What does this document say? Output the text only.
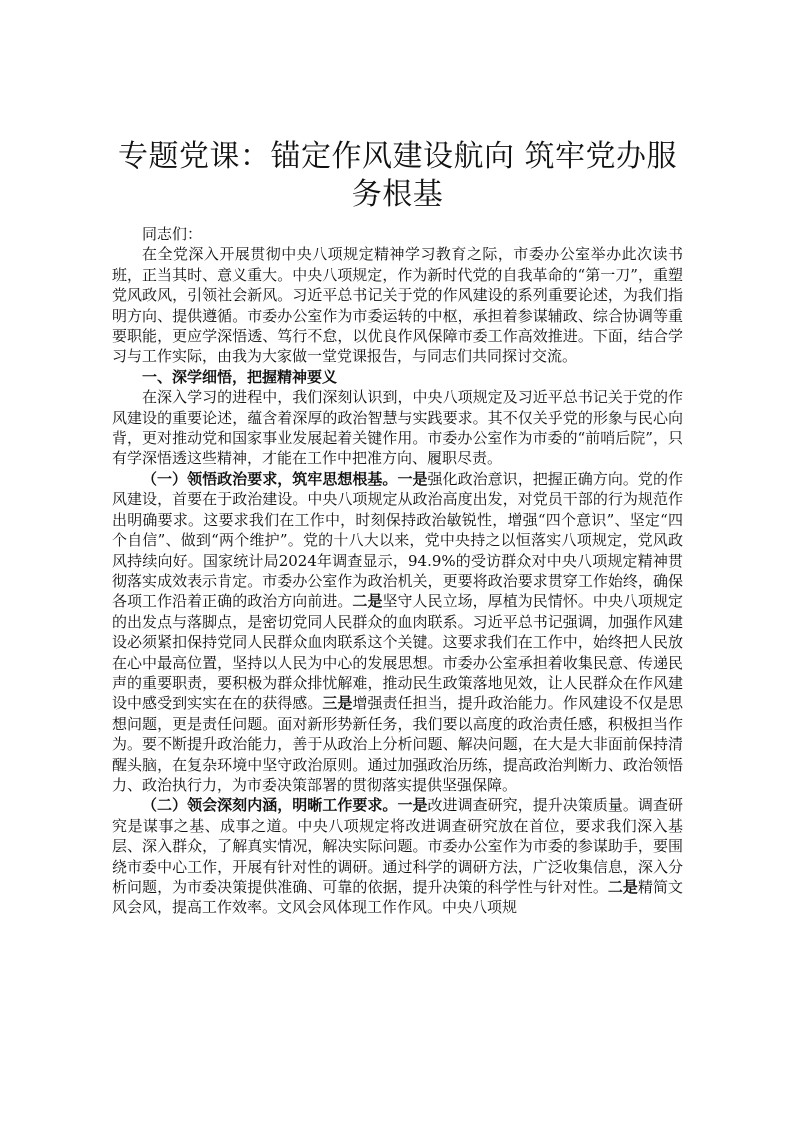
专题党课：锚定作风建设航向 筑牢党办服务根基

同志们：

在全党深入开展贯彻中央八项规定精神学习教育之际，市委办公室举办此次读书班，正当其时、意义重大。中央八项规定，作为新时代党的自我革命的“第一刀”，重塑党风政风，引领社会新风。习近平总书记关于党的作风建设的系列重要论述，为我们指明方向、提供遵循。市委办公室作为市委运转的中枢，承担着参谋辅政、综合协调等重要职能，更应学深悟透、笃行不怠，以优良作风保障市委工作高效推进。下面，结合学习与工作实际，由我为大家做一堂党课报告，与同志们共同探讨交流。

一、深学细悟，把握精神要义

在深入学习的进程中，我们深刻认识到，中央八项规定及习近平总书记关于党的作风建设的重要论述，蕴含着深厚的政治智慧与实践要求。其不仅关乎党的形象与民心向背，更对推动党和国家事业发展起着关键作用。市委办公室作为市委的“前哨后院”，只有学深悟透这些精神，才能在工作中把准方向、履职尽责。

（一）领悟政治要求，筑牢思想根基。一是强化政治意识，把握正确方向。党的作风建设，首要在于政治建设。中央八项规定从政治高度出发，对党员干部的行为规范作出明确要求。这要求我们在工作中，时刻保持政治敏锐性，增强“四个意识”、坚定“四个自信”、做到“两个维护”。党的十八大以来，党中央持之以恒落实八项规定，党风政风持续向好。国家统计局2024年调查显示，94.9%的受访群众对中央八项规定精神贯彻落实成效表示肯定。市委办公室作为政治机关，更要将政治要求贯穿工作始终，确保各项工作沿着正确的政治方向前进。二是坚守人民立场，厚植为民情怀。中央八项规定的出发点与落脚点，是密切党同人民群众的血肉联系。习近平总书记强调，加强作风建设必须紧扣保持党同人民群众血肉联系这个关键。这要求我们在工作中，始终把人民放在心中最高位置，坚持以人民为中心的发展思想。市委办公室承担着收集民意、传递民声的重要职责，要积极为群众排忧解难，推动民生政策落地见效，让人民群众在作风建设中感受到实实在在的获得感。三是增强责任担当，提升政治能力。作风建设不仅是思想问题，更是责任问题。面对新形势新任务，我们要以高度的政治责任感，积极担当作为。要不断提升政治能力，善于从政治上分析问题、解决问题，在大是大非面前保持清醒头脑，在复杂环境中坚守政治原则。通过加强政治历练，提高政治判断力、政治领悟力、政治执行力，为市委决策部署的贯彻落实提供坚强保障。

（二）领会深刻内涵，明晰工作要求。一是改进调查研究，提升决策质量。调查研究是谋事之基、成事之道。中央八项规定将改进调查研究放在首位，要求我们深入基层、深入群众，了解真实情况，解决实际问题。市委办公室作为市委的参谋助手，要围绕市委中心工作，开展有针对性的调研。通过科学的调研方法，广泛收集信息，深入分析问题，为市委决策提供准确、可靠的依据，提升决策的科学性与针对性。二是精简文风会风，提高工作效率。文风会风体现工作作风。中央八项规
